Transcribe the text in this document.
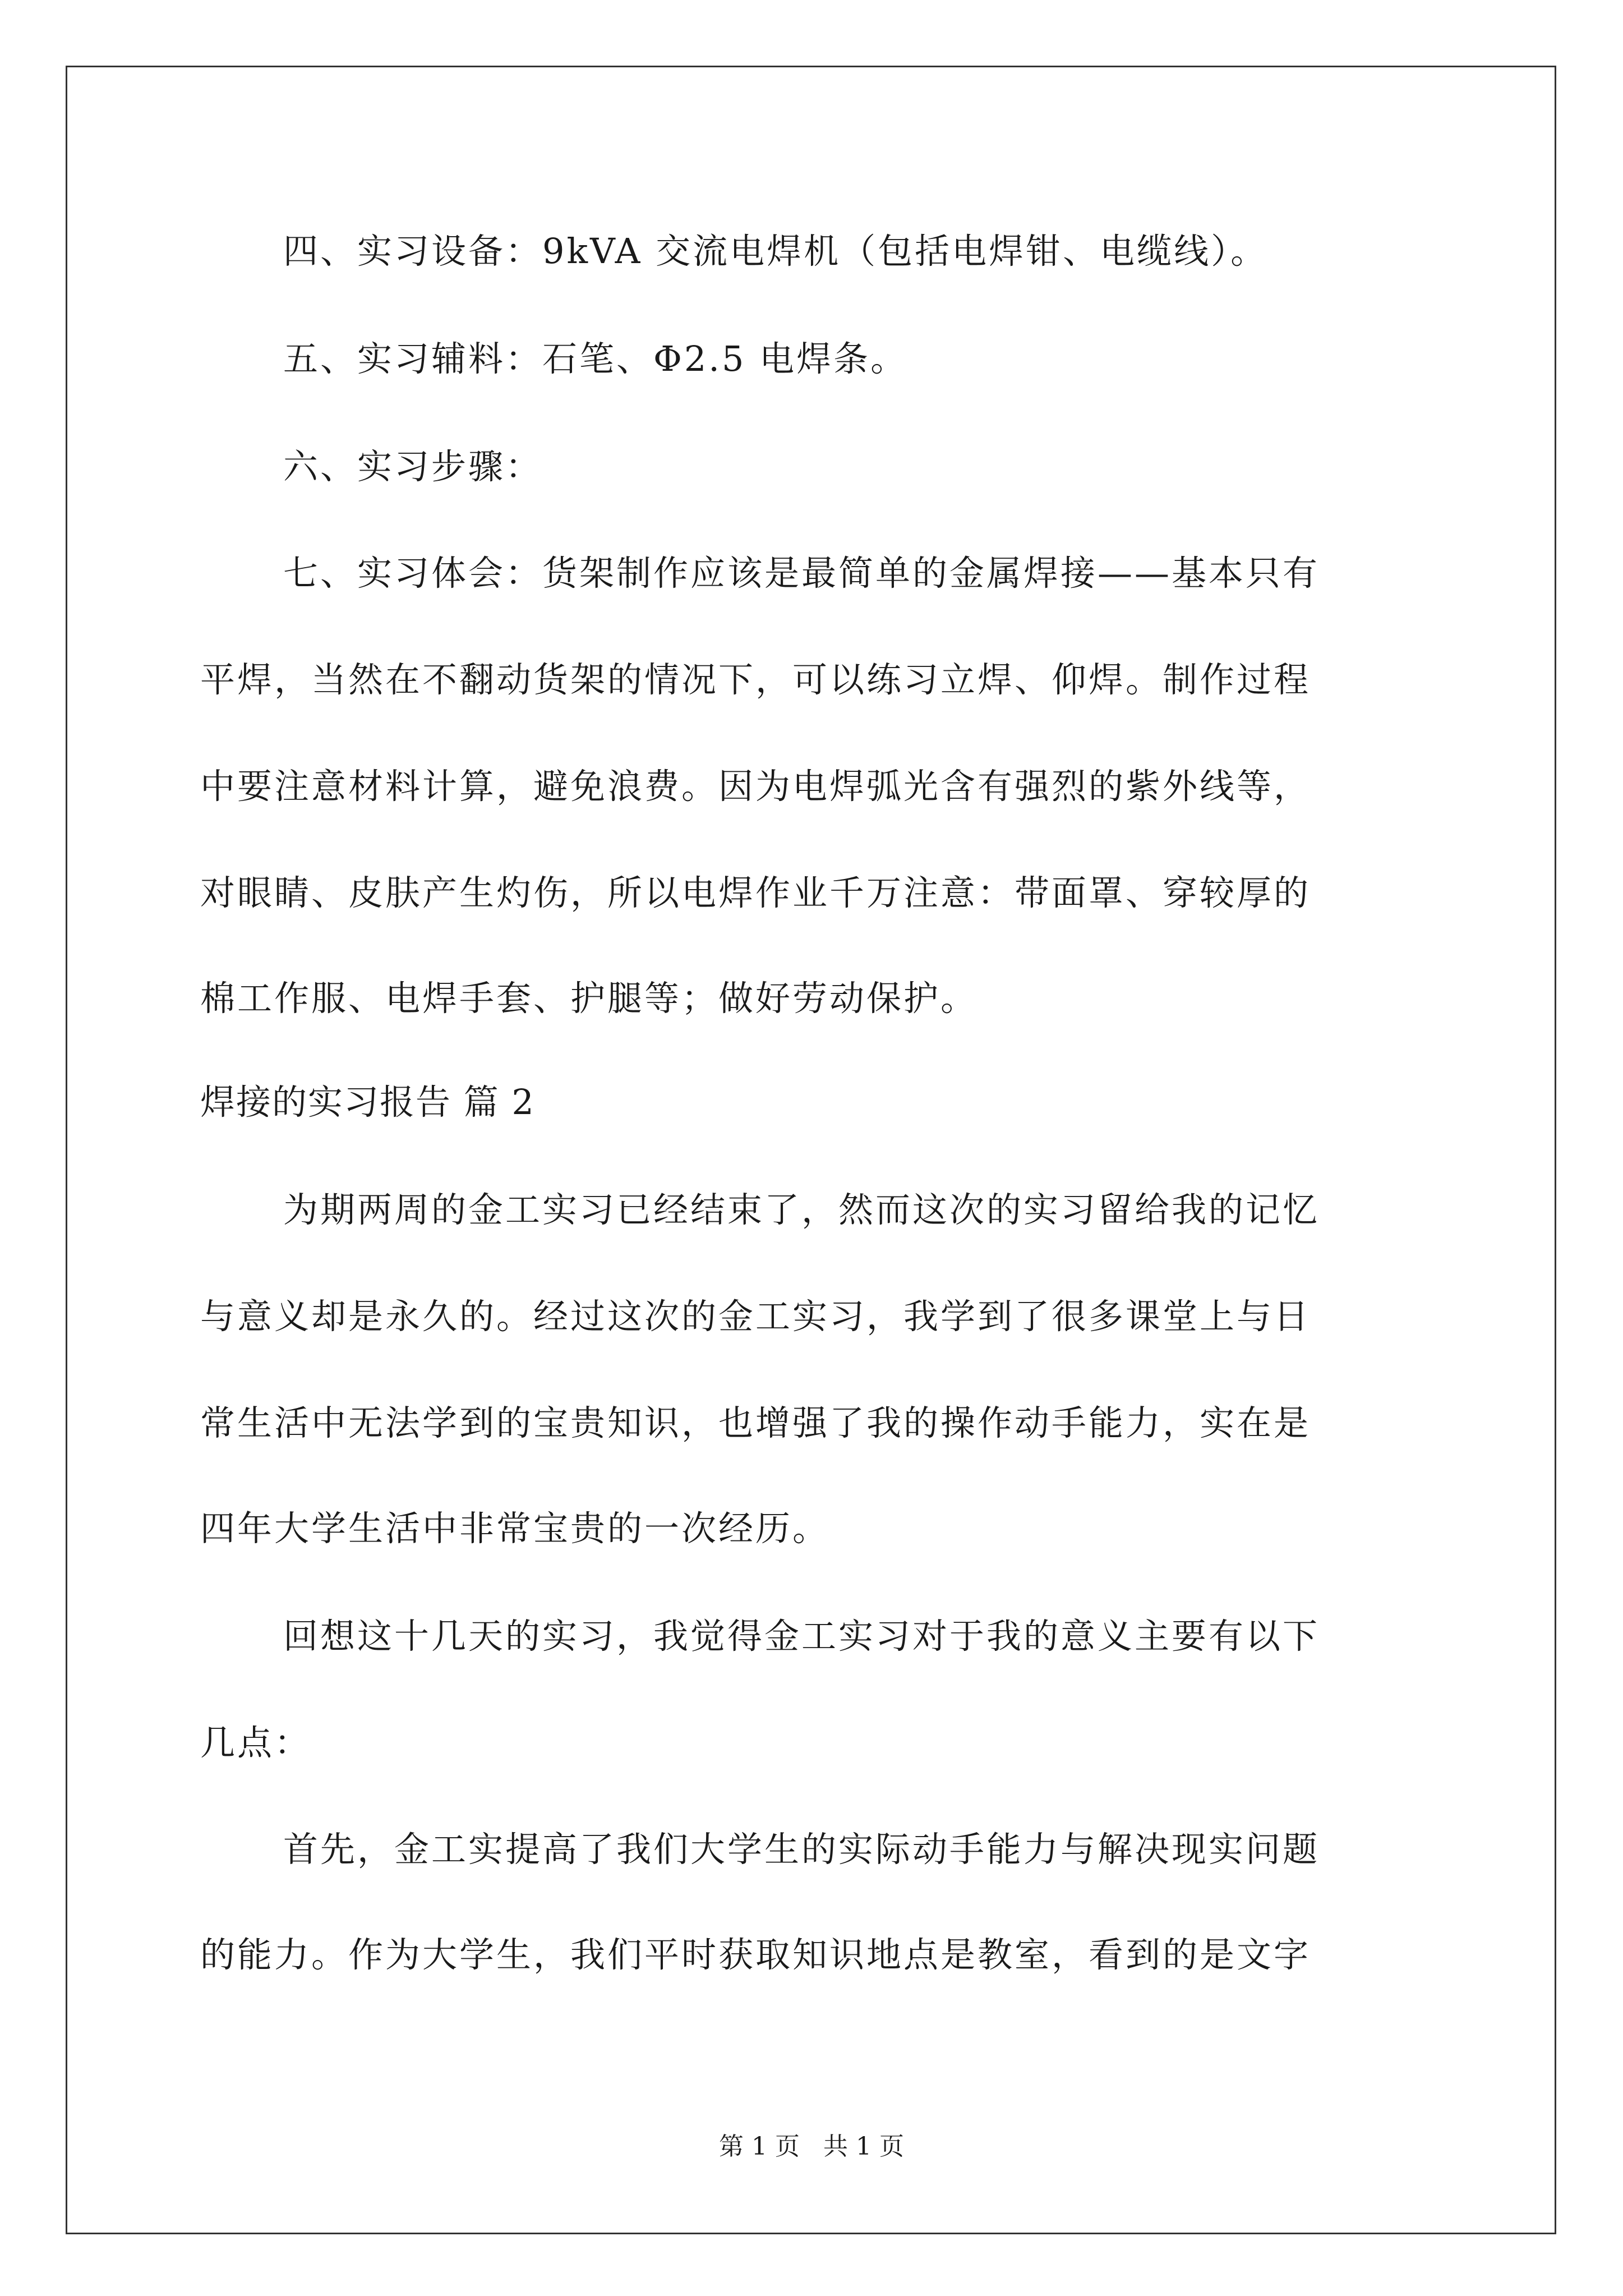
四、实习设备：9kVA 交流电焊机（包括电焊钳、电缆线）。
五、实习辅料：石笔、Φ2.5 电焊条。
六、实习步骤：
七、实习体会：货架制作应该是最简单的金属焊接——基本只有
平焊，当然在不翻动货架的情况下，可以练习立焊、仰焊。制作过程
中要注意材料计算，避免浪费。因为电焊弧光含有强烈的紫外线等，
对眼睛、皮肤产生灼伤，所以电焊作业千万注意：带面罩、穿较厚的
棉工作服、电焊手套、护腿等；做好劳动保护。
焊接的实习报告 篇 2
为期两周的金工实习已经结束了，然而这次的实习留给我的记忆
与意义却是永久的。经过这次的金工实习，我学到了很多课堂上与日
常生活中无法学到的宝贵知识，也增强了我的操作动手能力，实在是
四年大学生活中非常宝贵的一次经历。
回想这十几天的实习，我觉得金工实习对于我的意义主要有以下
几点：
首先，金工实提高了我们大学生的实际动手能力与解决现实问题
的能力。作为大学生，我们平时获取知识地点是教室，看到的是文字
第 1 页   共 1 页
